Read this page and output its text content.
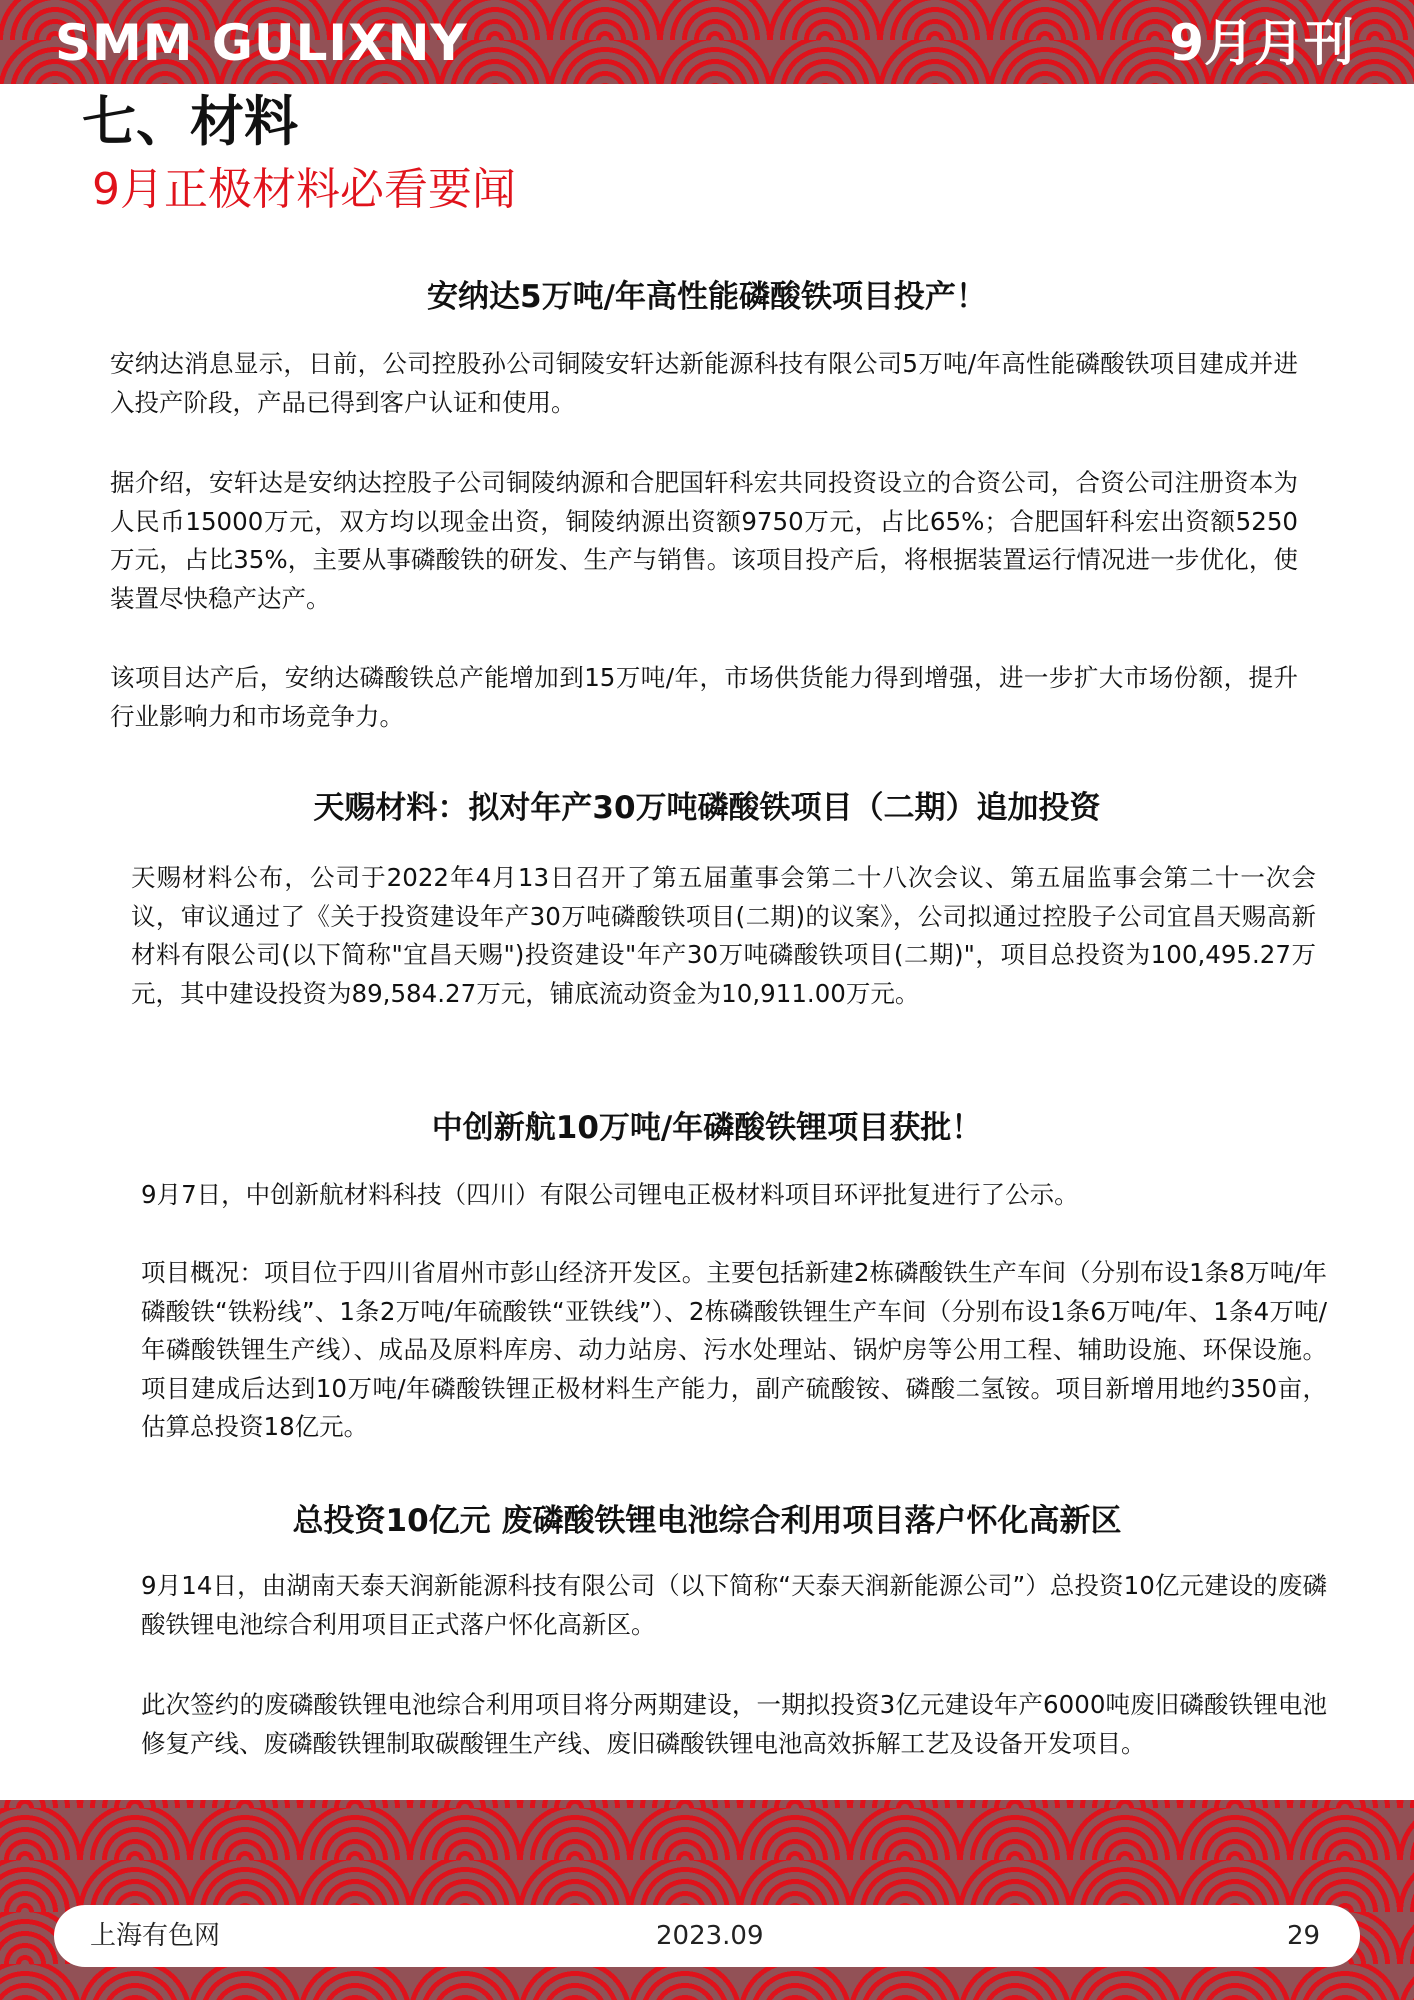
SMM GULIXNY	9月月刊
七、材料
9月正极材料必看要闻
安纳达5万吨/年高性能磷酸铁项目投产！

安纳达消息显示，日前，公司控股孙公司铜陵安轩达新能源科技有限公司5万吨/年高性能磷酸铁项目建成并进入投产阶段，产品已得到客户认证和使用。

据介绍，安轩达是安纳达控股子公司铜陵纳源和合肥国轩科宏共同投资设立的合资公司，合资公司注册资本为人民币15000万元，双方均以现金出资，铜陵纳源出资额9750万元，占比65%；合肥国轩科宏出资额5250万元，占比35%，主要从事磷酸铁的研发、生产与销售。该项目投产后，将根据装置运行情况进一步优化，使装置尽快稳产达产。

该项目达产后，安纳达磷酸铁总产能增加到15万吨/年，市场供货能力得到增强，进一步扩大市场份额，提升行业影响力和市场竞争力。

天赐材料：拟对年产30万吨磷酸铁项目（二期）追加投资

天赐材料公布，公司于2022年4月13日召开了第五届董事会第二十八次会议、第五届监事会第二十一次会议，审议通过了《关于投资建设年产30万吨磷酸铁项目(二期)的议案》，公司拟通过控股子公司宜昌天赐高新材料有限公司(以下简称"宜昌天赐")投资建设"年产30万吨磷酸铁项目(二期)"，项目总投资为100,495.27万元，其中建设投资为89,584.27万元，铺底流动资金为10,911.00万元。

中创新航10万吨/年磷酸铁锂项目获批！

9月7日，中创新航材料科技（四川）有限公司锂电正极材料项目环评批复进行了公示。

项目概况：项目位于四川省眉州市彭山经济开发区。主要包括新建2栋磷酸铁生产车间（分别布设1条8万吨/年磷酸铁“铁粉线”、1条2万吨/年硫酸铁“亚铁线”）、2栋磷酸铁锂生产车间（分别布设1条6万吨/年、1条4万吨/年磷酸铁锂生产线）、成品及原料库房、动力站房、污水处理站、锅炉房等公用工程、辅助设施、环保设施。项目建成后达到10万吨/年磷酸铁锂正极材料生产能力，副产硫酸铵、磷酸二氢铵。项目新增用地约350亩，估算总投资18亿元。

总投资10亿元 废磷酸铁锂电池综合利用项目落户怀化高新区

9月14日，由湖南天泰天润新能源科技有限公司（以下简称“天泰天润新能源公司”）总投资10亿元建设的废磷酸铁锂电池综合利用项目正式落户怀化高新区。

此次签约的废磷酸铁锂电池综合利用项目将分两期建设，一期拟投资3亿元建设年产6000吨废旧磷酸铁锂电池修复产线、废磷酸铁锂制取碳酸锂生产线、废旧磷酸铁锂电池高效拆解工艺及设备开发项目。

上海有色网	2023.09	29
